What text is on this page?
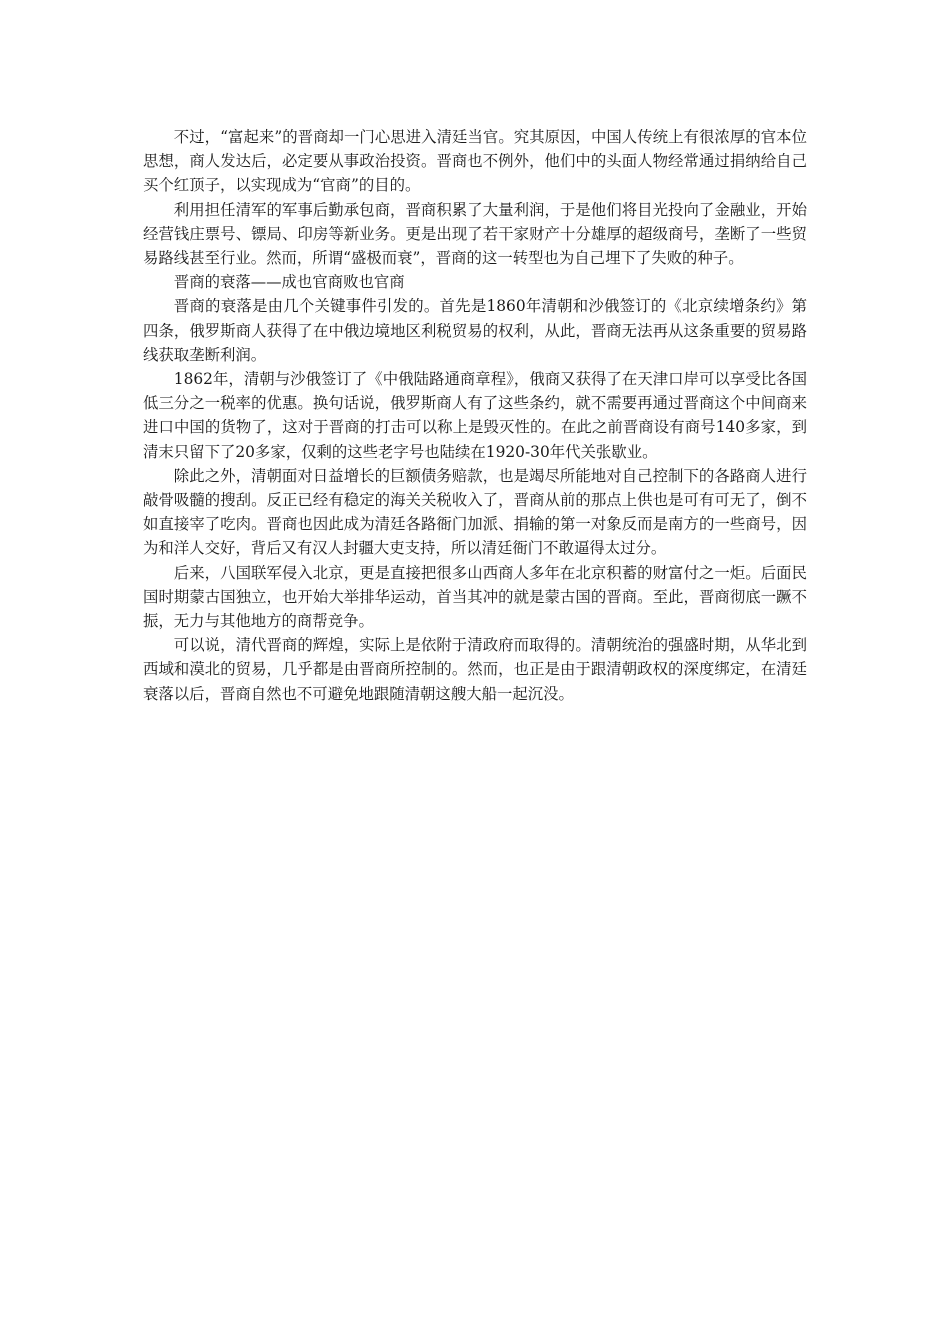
不过，“富起来”的晋商却一门心思进入清廷当官。究其原因，中国人传统上有很浓厚的官本位思想，商人发达后，必定要从事政治投资。晋商也不例外，他们中的头面人物经常通过捐纳给自己买个红顶子，以实现成为“官商”的目的。

利用担任清军的军事后勤承包商，晋商积累了大量利润，于是他们将目光投向了金融业，开始经营钱庄票号、镖局、印房等新业务。更是出现了若干家财产十分雄厚的超级商号，垄断了一些贸易路线甚至行业。然而，所谓“盛极而衰”，晋商的这一转型也为自己埋下了失败的种子。

晋商的衰落——成也官商败也官商

晋商的衰落是由几个关键事件引发的。首先是1860年清朝和沙俄签订的《北京续增条约》第四条，俄罗斯商人获得了在中俄边境地区利税贸易的权利，从此，晋商无法再从这条重要的贸易路线获取垄断利润。

1862年，清朝与沙俄签订了《中俄陆路通商章程》，俄商又获得了在天津口岸可以享受比各国低三分之一税率的优惠。换句话说，俄罗斯商人有了这些条约，就不需要再通过晋商这个中间商来进口中国的货物了，这对于晋商的打击可以称上是毁灭性的。在此之前晋商设有商号140多家，到清末只留下了20多家，仅剩的这些老字号也陆续在1920-30年代关张歇业。

除此之外，清朝面对日益增长的巨额债务赔款，也是竭尽所能地对自己控制下的各路商人进行敲骨吸髓的搜刮。反正已经有稳定的海关关税收入了，晋商从前的那点上供也是可有可无了，倒不如直接宰了吃肉。晋商也因此成为清廷各路衙门加派、捐输的第一对象反而是南方的一些商号，因为和洋人交好，背后又有汉人封疆大吏支持，所以清廷衙门不敢逼得太过分。

后来，八国联军侵入北京，更是直接把很多山西商人多年在北京积蓄的财富付之一炬。后面民国时期蒙古国独立，也开始大举排华运动，首当其冲的就是蒙古国的晋商。至此，晋商彻底一蹶不振，无力与其他地方的商帮竞争。

可以说，清代晋商的辉煌，实际上是依附于清政府而取得的。清朝统治的强盛时期，从华北到西域和漠北的贸易，几乎都是由晋商所控制的。然而，也正是由于跟清朝政权的深度绑定，在清廷衰落以后，晋商自然也不可避免地跟随清朝这艘大船一起沉没。
